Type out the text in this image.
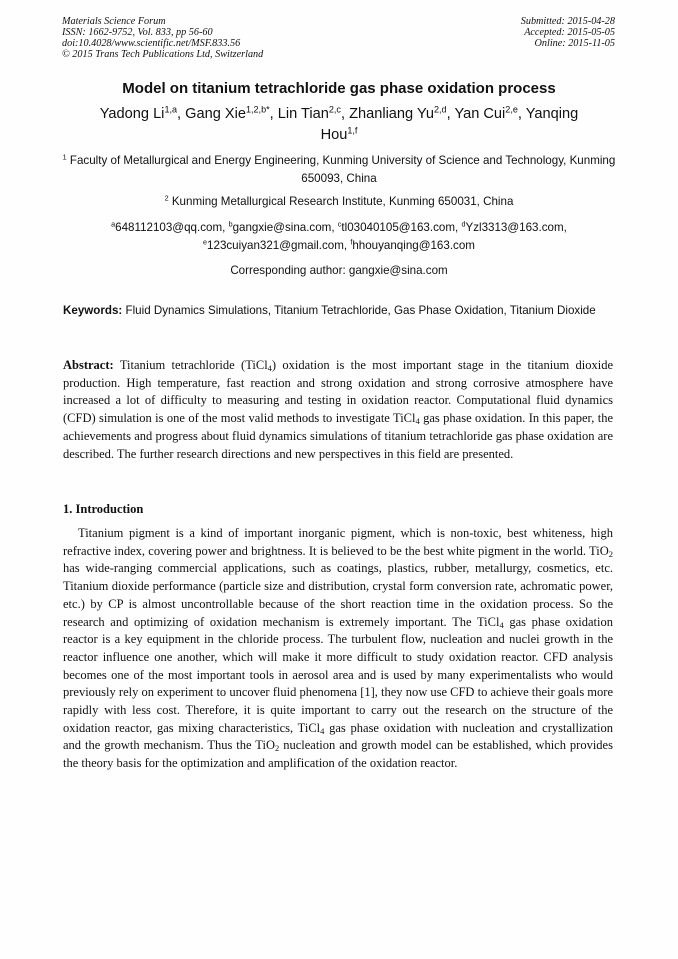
Materials Science Forum
ISSN: 1662-9752, Vol. 833, pp 56-60
doi:10.4028/www.scientific.net/MSF.833.56
© 2015 Trans Tech Publications Ltd, Switzerland
Submitted: 2015-04-28
Accepted: 2015-05-05
Online: 2015-11-05
Model on titanium tetrachloride gas phase oxidation process
Yadong Li$^{1,a}$, Gang Xie$^{1,2,b*}$, Lin Tian$^{2,c}$, Zhanliang Yu$^{2,d}$, Yan Cui$^{2,e}$, Yanqing Hou$^{1,f}$
$^1$ Faculty of Metallurgical and Energy Engineering, Kunming University of Science and Technology, Kunming 650093, China
$^2$ Kunming Metallurgical Research Institute, Kunming 650031, China
$^a$648112103@qq.com, $^b$gangxie@sina.com, $^c$tl03040105@163.com, $^d$Yzl3313@163.com, $^e$123cuiyan321@gmail.com, $^f$hhouyanqing@163.com
Corresponding author: gangxie@sina.com
Keywords: Fluid Dynamics Simulations, Titanium Tetrachloride, Gas Phase Oxidation, Titanium Dioxide
Abstract: Titanium tetrachloride (TiCl$_4$) oxidation is the most important stage in the titanium dioxide production. High temperature, fast reaction and strong oxidation and strong corrosive atmosphere have increased a lot of difficulty to measuring and testing in oxidation reactor. Computational fluid dynamics (CFD) simulation is one of the most valid methods to investigate TiCl$_4$ gas phase oxidation. In this paper, the achievements and progress about fluid dynamics simulations of titanium tetrachloride gas phase oxidation are described. The further research directions and new perspectives in this field are presented.
1. Introduction
Titanium pigment is a kind of important inorganic pigment, which is non-toxic, best whiteness, high refractive index, covering power and brightness. It is believed to be the best white pigment in the world. TiO$_2$ has wide-ranging commercial applications, such as coatings, plastics, rubber, metallurgy, cosmetics, etc. Titanium dioxide performance (particle size and distribution, crystal form conversion rate, achromatic power, etc.) by CP is almost uncontrollable because of the short reaction time in the oxidation process. So the research and optimizing of oxidation mechanism is extremely important. The TiCl$_4$ gas phase oxidation reactor is a key equipment in the chloride process. The turbulent flow, nucleation and nuclei growth in the reactor influence one another, which will make it more difficult to study oxidation reactor. CFD analysis becomes one of the most important tools in aerosol area and is used by many experimentalists who would previously rely on experiment to uncover fluid phenomena [1], they now use CFD to achieve their goals more rapidly with less cost. Therefore, it is quite important to carry out the research on the structure of the oxidation reactor, gas mixing characteristics, TiCl$_4$ gas phase oxidation with nucleation and crystallization and the growth mechanism. Thus the TiO$_2$ nucleation and growth model can be established, which provides the theory basis for the optimization and amplification of the oxidation reactor.
